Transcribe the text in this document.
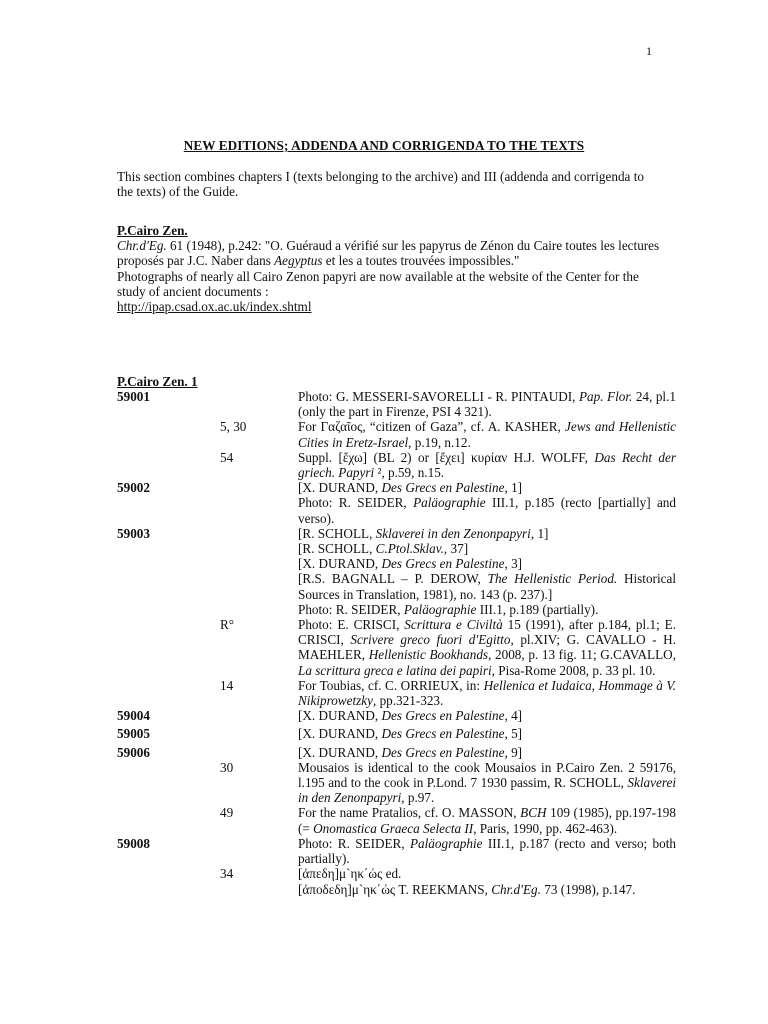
1
NEW EDITIONS; ADDENDA AND CORRIGENDA TO THE TEXTS
This section combines chapters I (texts belonging to the archive) and III (addenda and corrigenda to the texts) of the Guide.
P.Cairo Zen.
Chr.d'Eg. 61 (1948), p.242: "O. Guéraud a vérifié sur les papyrus de Zénon du Caire toutes les lectures proposés par J.C. Naber dans Aegyptus et les a toutes trouvées impossibles."
Photographs of nearly all Cairo Zenon papyri are now available at the website of the Center for the study of ancient documents :
http://ipap.csad.ox.ac.uk/index.shtml
P.Cairo Zen. 1
59001	Photo: G. MESSERI-SAVORELLI - R. PINTAUDI, Pap. Flor. 24, pl.1 (only the part in Firenze, PSI 4 321).
5, 30	For Γαζαῖος, “citizen of Gaza”, cf. A. KASHER, Jews and Hellenistic Cities in Eretz-Israel, p.19, n.12.
54	Suppl. [ἔχω] (BL 2) or [ἔχει] κυρίαν H.J. WOLFF, Das Recht der griech. Papyri ², p.59, n.15.
59002	[X. DURAND, Des Grecs en Palestine, 1]
Photo: R. SEIDER, Paläographie III.1, p.185 (recto [partially] and verso).
59003	[R. SCHOLL, Sklaverei in den Zenonpapyri, 1]
[R. SCHOLL, C.Ptol.Sklav., 37]
[X. DURAND, Des Grecs en Palestine, 3]
[R.S. BAGNALL – P. DEROW, The Hellenistic Period. Historical Sources in Translation, 1981), no. 143 (p. 237).]
Photo: R. SEIDER, Paläographie III.1, p.189 (partially).
R°	Photo: E. CRISCI, Scrittura e Civiltà 15 (1991), after p.184, pl.1; E. CRISCI, Scrivere greco fuori d'Egitto, pl.XIV; G. CAVALLO - H. MAEHLER, Hellenistic Bookhands, 2008, p. 13 fig. 11; G.CAVALLO, La scrittura greca e latina dei papiri, Pisa-Rome 2008, p. 33 pl. 10.
14	For Toubias, cf. C. ORRIEUX, in: Hellenica et Iudaica, Hommage à V. Nikiprowetzky, pp.321-323.
59004	[X. DURAND, Des Grecs en Palestine, 4]
59005	[X. DURAND, Des Grecs en Palestine, 5]
59006	[X. DURAND, Des Grecs en Palestine, 9]
30	Mousaios is identical to the cook Mousaios in P.Cairo Zen. 2 59176, l.195 and to the cook in P.Lond. 7 1930 passim, R. SCHOLL, Sklaverei in den Zenonpapyri, p.97.
49	For the name Pratalios, cf. O. MASSON, BCH 109 (1985), pp.197-198 (= Onomastica Graeca Selecta II, Paris, 1990, pp. 462-463).
59008	Photo: R. SEIDER, Paläographie III.1, p.187 (recto and verso; both partially).
34	[ἀπεδη]μ`ηκ΄ώς ed.
[ἀποδεδη]μ`ηκ΄ώς T. REEKMANS, Chr.d'Eg. 73 (1998), p.147.
